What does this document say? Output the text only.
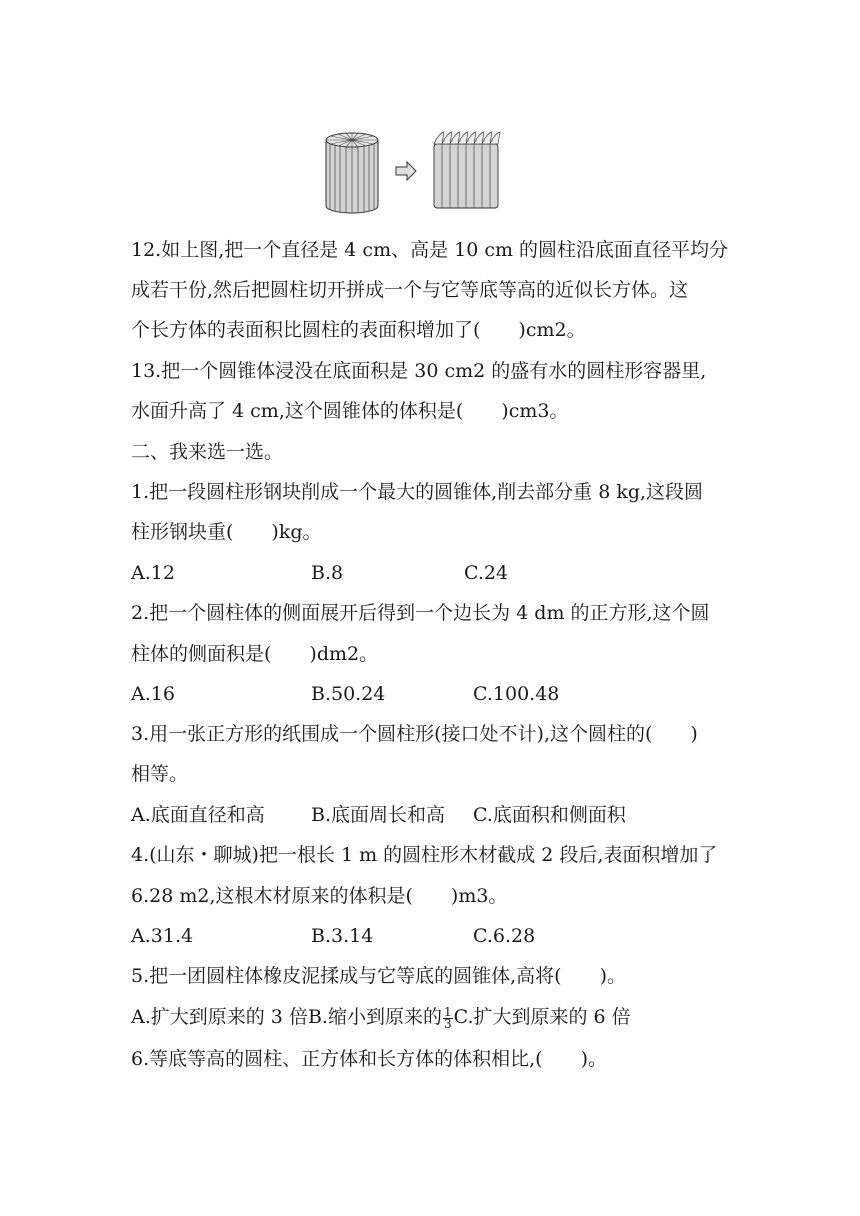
12.如上图,把一个直径是 4 cm、高是 10 cm 的圆柱沿底面直径平均分
成若干份,然后把圆柱切开拼成一个与它等底等高的近似长方体。这
个长方体的表面积比圆柱的表面积增加了(　　)cm2。
13.把一个圆锥体浸没在底面积是 30 cm2 的盛有水的圆柱形容器里,
水面升高了 4 cm,这个圆锥体的体积是(　　)cm3。
二、我来选一选。
1.把一段圆柱形钢块削成一个最大的圆锥体,削去部分重 8 kg,这段圆
柱形钢块重(　　)kg。
A.12	B.8	C.24
2.把一个圆柱体的侧面展开后得到一个边长为 4 dm 的正方形,这个圆
柱体的侧面积是(　　)dm2。
A.16	B.50.24	C.100.48
3.用一张正方形的纸围成一个圆柱形(接口处不计),这个圆柱的(　　)
相等。
A.底面直径和高 B.底面周长和高 C.底面积和侧面积
4.(山东・聊城)把一根长 1 m 的圆柱形木材截成 2 段后,表面积增加了
6.28 m2,这根木材原来的体积是(　　)m3。
A.31.4	B.3.14	C.6.28
5.把一团圆柱体橡皮泥揉成与它等底的圆锥体,高将(　　)。
A.扩大到原来的 3 倍B.缩小到原来的 $\frac{1}{3} C$.扩大到原来的 6 倍
6.等底等高的圆柱、正方体和长方体的体积相比,(　　)。
